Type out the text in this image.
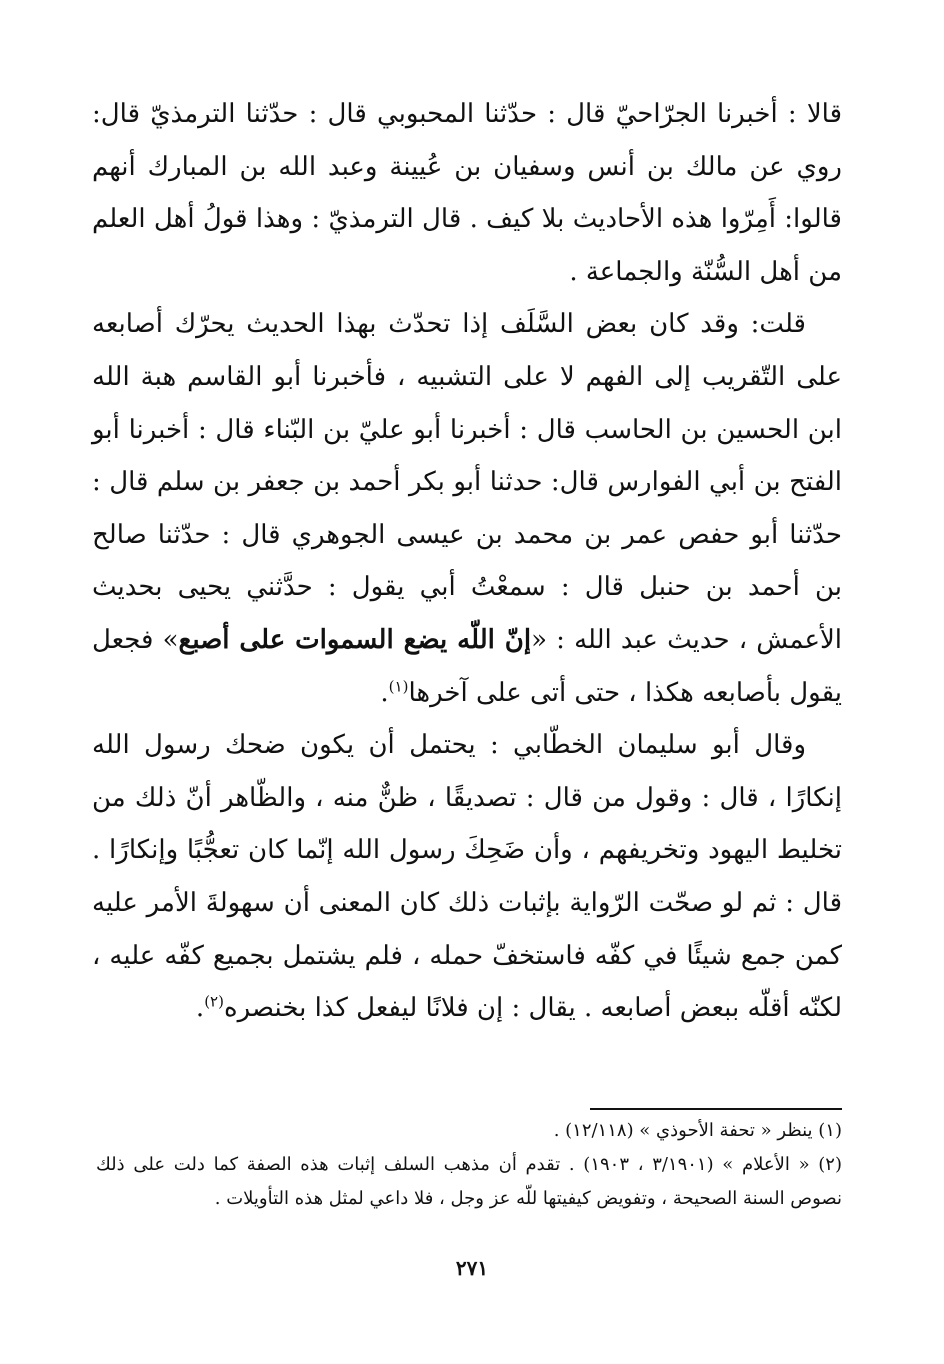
قالا : أخبرنا الجرّاحيّ قال : حدّثنا المحبوبي قال : حدّثنا الترمذيّ قال: روي عن مالك بن أنس وسفيان بن عُيينة وعبد الله بن المبارك أنهم قالوا: أَمِرّوا هذه الأحاديث بلا كيف . قال الترمذيّ : وهذا قولُ أهل العلم من أهل السُّنّة والجماعة .

قلت: وقد كان بعض السَّلَف إذا تحدّث بهذا الحديث يحرّك أصابعه على التّقريب إلى الفهم لا على التشبيه ، فأخبرنا أبو القاسم هبة الله ابن الحسين بن الحاسب قال : أخبرنا أبو عليّ بن البّناء قال : أخبرنا أبو الفتح بن أبي الفوارس قال: حدثنا أبو بكر أحمد بن جعفر بن سلم قال : حدّثنا أبو حفص عمر بن محمد بن عيسى الجوهري قال : حدّثنا صالح بن أحمد بن حنبل قال : سمعْتُ أبي يقول : حدَّثني يحيى بحديث الأعمش ، حديث عبد الله : «إنّ اللّه يضع السموات على أصبع» فجعل يقول بأصابعه هكذا ، حتى أتى على آخرها$^{(١)}$.

وقال أبو سليمان الخطّابي : يحتمل أن يكون ضحك رسول الله إنكارًا ، قال : وقول من قال : تصديقًا ، ظنٌّ منه ، والظّاهر أنّ ذلك من تخليط اليهود وتخريفهم ، وأن ضَحِكَ رسول الله إنّما كان تعجُّبًا وإنكارًا . قال : ثم لو صحّت الرّواية بإثبات ذلك كان المعنى أن سهولةَ الأمر عليه كمن جمع شيئًا في كفّه فاستخفّ حمله ، فلم يشتمل بجميع كفّه عليه ، لكنّه أقلّه ببعض أصابعه . يقال : إن فلانًا ليفعل كذا بخنصره$^{(٢)}$.

(١) ينظر « تحفة الأحوذي » (١٢/١١٨) .

(٢) « الأعلام » (٣/١٩٠١ ، ١٩٠٣) . تقدم أن مذهب السلف إثبات هذه الصفة كما دلت على ذلك نصوص السنة الصحيحة ، وتفويض كيفيتها للّه عز وجل ، فلا داعي لمثل هذه التأويلات .

٢٧١
